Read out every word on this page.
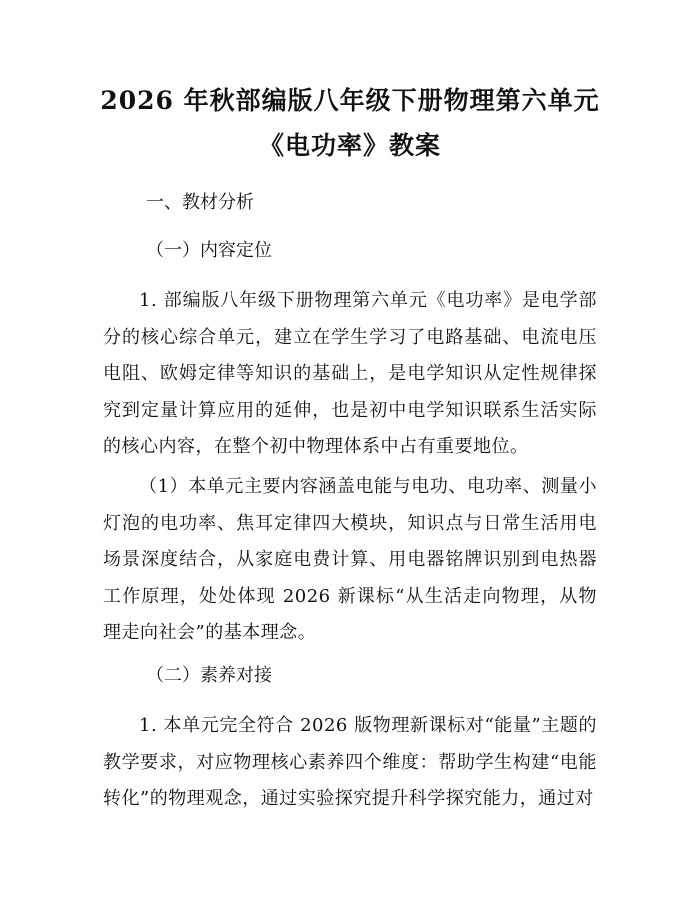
2026 年秋部编版八年级下册物理第六单元
《电功率》教案

一、教材分析

（一）内容定位

1. 部编版八年级下册物理第六单元《电功率》是电学部分的核心综合单元，建立在学生学习了电路基础、电流电压电阻、欧姆定律等知识的基础上，是电学知识从定性规律探究到定量计算应用的延伸，也是初中电学知识联系生活实际的核心内容，在整个初中物理体系中占有重要地位。

（1）本单元主要内容涵盖电能与电功、电功率、测量小灯泡的电功率、焦耳定律四大模块，知识点与日常生活用电场景深度结合，从家庭电费计算、用电器铭牌识别到电热器工作原理，处处体现 2026 新课标“从生活走向物理，从物理走向社会”的基本理念。

（二）素养对接

1. 本单元完全符合 2026 版物理新课标对“能量”主题的教学要求，对应物理核心素养四个维度：帮助学生构建“电能转化”的物理观念，通过实验探究提升科学探究能力，通过对
